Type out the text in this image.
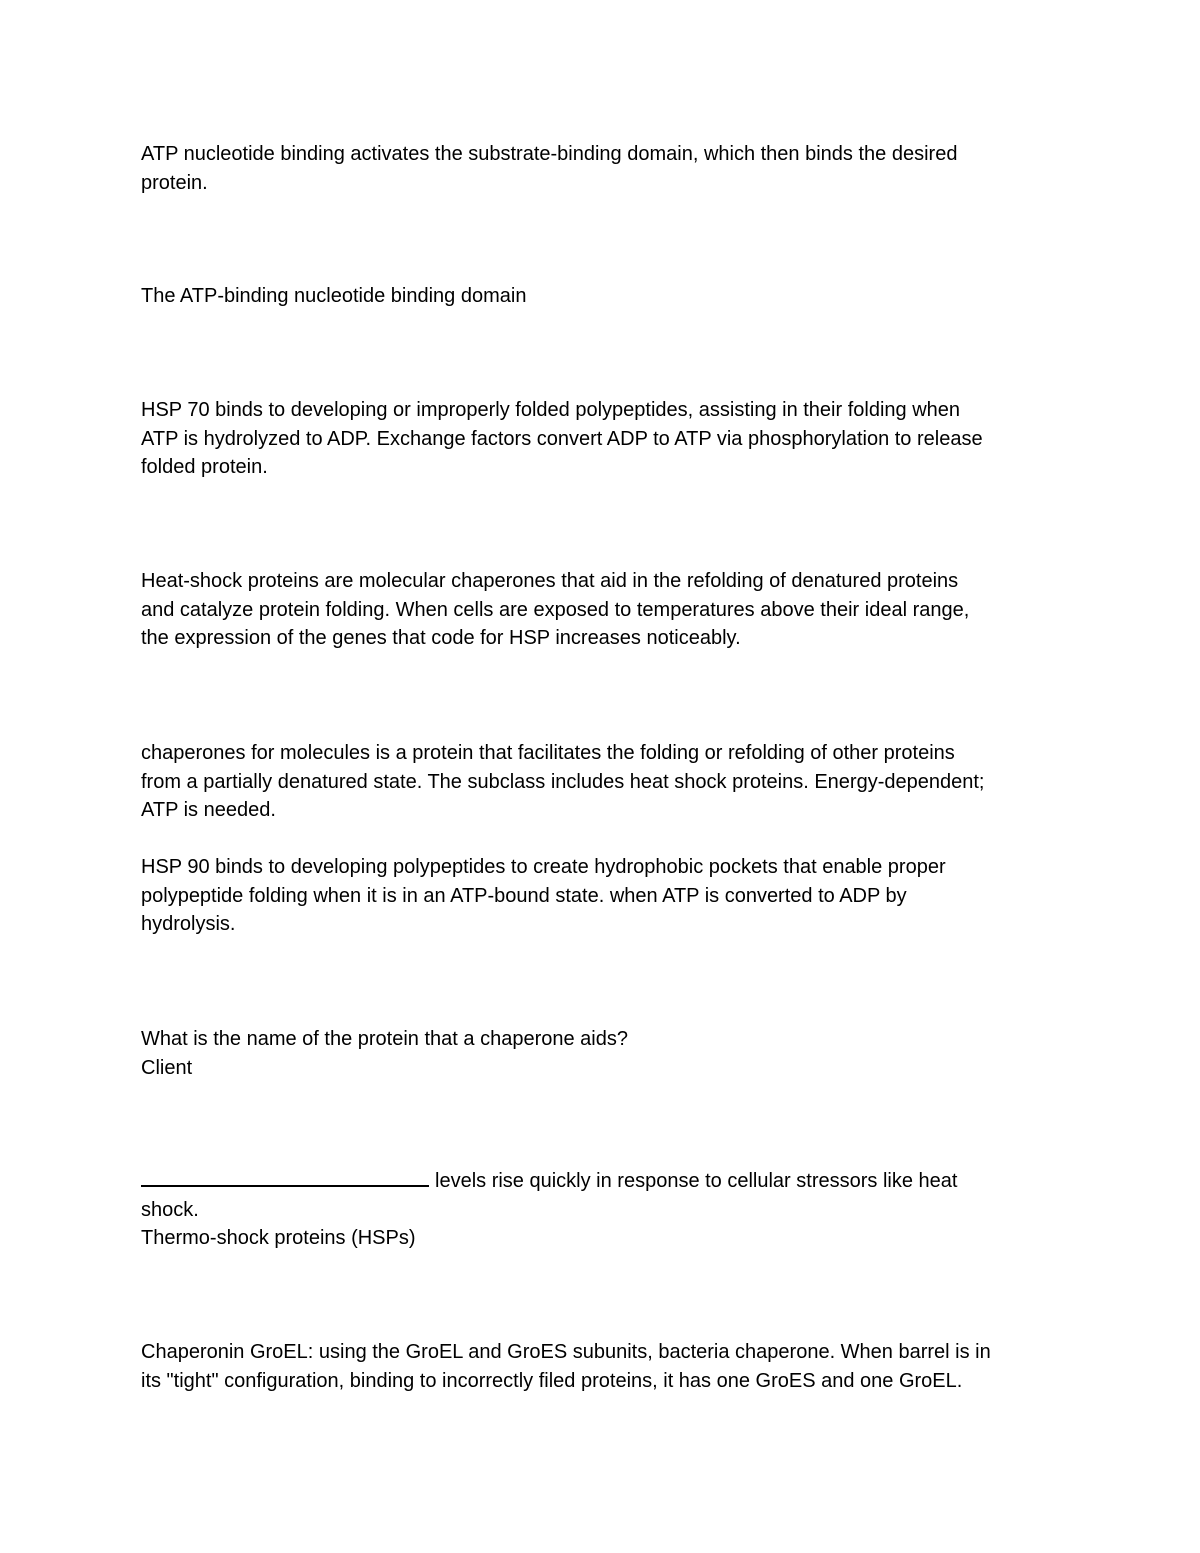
ATP nucleotide binding activates the substrate-binding domain, which then binds the desired
protein.

The ATP-binding nucleotide binding domain

HSP 70 binds to developing or improperly folded polypeptides, assisting in their folding when
ATP is hydrolyzed to ADP. Exchange factors convert ADP to ATP via phosphorylation to release
folded protein.

Heat-shock proteins are molecular chaperones that aid in the refolding of denatured proteins
and catalyze protein folding. When cells are exposed to temperatures above their ideal range,
the expression of the genes that code for HSP increases noticeably.

chaperones for molecules is a protein that facilitates the folding or refolding of other proteins
from a partially denatured state. The subclass includes heat shock proteins. Energy-dependent;
ATP is needed.

HSP 90 binds to developing polypeptides to create hydrophobic pockets that enable proper
polypeptide folding when it is in an ATP-bound state. when ATP is converted to ADP by
hydrolysis.

What is the name of the protein that a chaperone aids?
Client

levels rise quickly in response to cellular stressors like heat
shock.
Thermo-shock proteins (HSPs)

Chaperonin GroEL: using the GroEL and GroES subunits, bacteria chaperone. When barrel is in
its "tight" configuration, binding to incorrectly filed proteins, it has one GroES and one GroEL.
